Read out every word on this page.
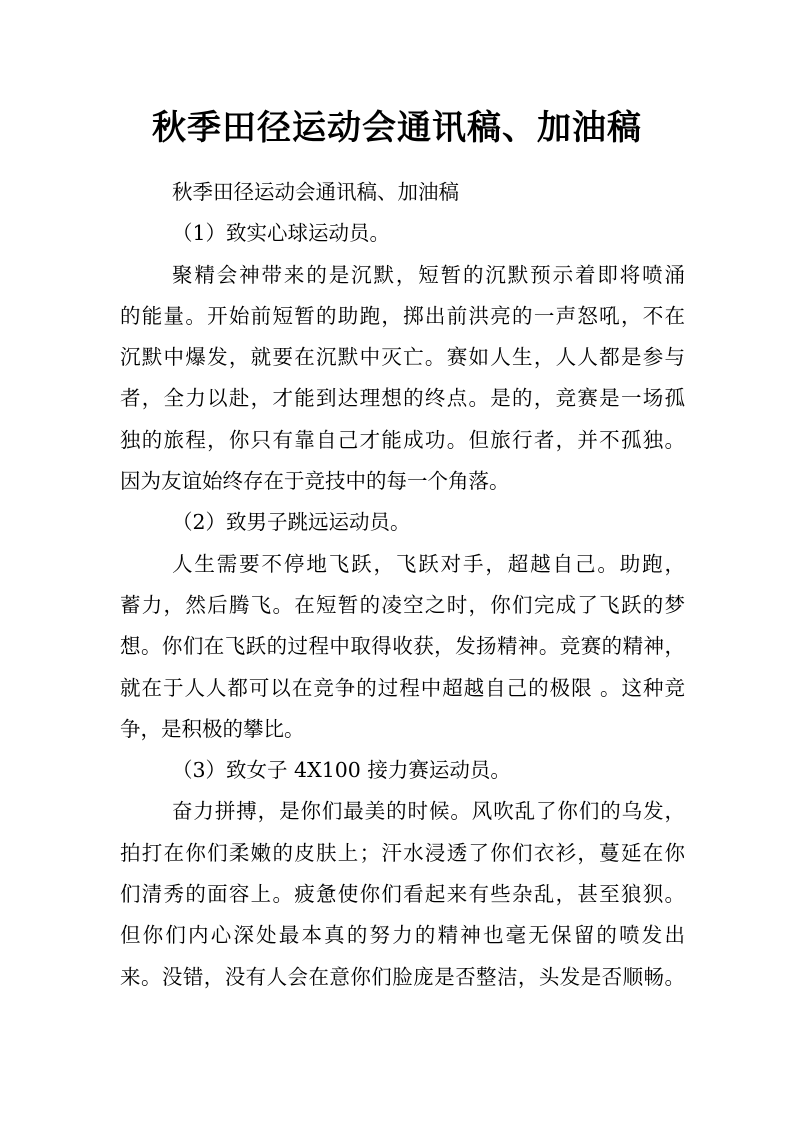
秋季田径运动会通讯稿、加油稿
秋季田径运动会通讯稿、加油稿
（1）致实心球运动员。
聚精会神带来的是沉默，短暂的沉默预示着即将喷涌
的能量。开始前短暂的助跑，掷出前洪亮的一声怒吼，不在
沉默中爆发，就要在沉默中灭亡。赛如人生，人人都是参与
者，全力以赴，才能到达理想的终点。是的，竞赛是一场孤
独的旅程，你只有靠自己才能成功。但旅行者，并不孤独。
因为友谊始终存在于竞技中的每一个角落。
（2）致男子跳远运动员。
人生需要不停地飞跃，飞跃对手，超越自己。助跑，
蓄力，然后腾飞。在短暂的凌空之时，你们完成了飞跃的梦
想。你们在飞跃的过程中取得收获，发扬精神。竞赛的精神，
就在于人人都可以在竞争的过程中超越自己的极限 。这种竞
争，是积极的攀比。
（3）致女子 4X100 接力赛运动员。
奋力拼搏，是你们最美的时候。风吹乱了你们的乌发，
拍打在你们柔嫩的皮肤上；汗水浸透了你们衣衫，蔓延在你
们清秀的面容上。疲惫使你们看起来有些杂乱，甚至狼狈。
但你们内心深处最本真的努力的精神也毫无保留的喷发出
来。没错，没有人会在意你们脸庞是否整洁，头发是否顺畅。
